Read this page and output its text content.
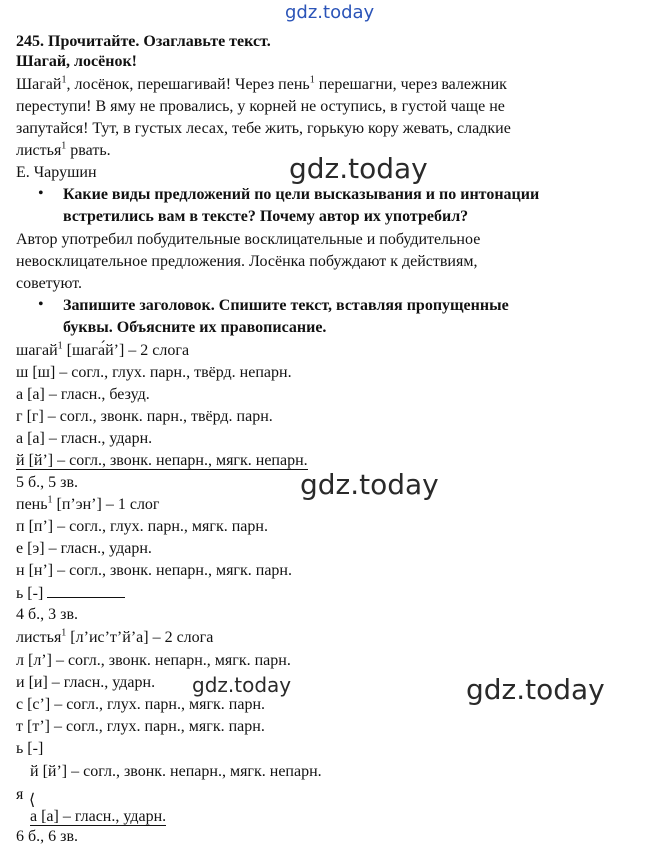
gdz.today
gdz.today
gdz.today
gdz.today	gdz.today
245. Прочитайте. Озаглавьте текст.
Шагай, лосёнок!
Шагай$^1$, лосёнок, перешагивай! Через пень$^1$ перешагни, через валежник
переступи! В яму не провались, у корней не оступись, в густой чаще не
запутайся! Тут, в густых лесах, тебе жить, горькую кору жевать, сладкие
листья$^1$ рвать.
Е. Чарушин
• Какие виды предложений по цели высказывания и по интонации
встретились вам в тексте? Почему автор их употребил?
Автор употребил побудительные восклицательные и побудительное
невосклицательное предложения. Лосёнка побуждают к действиям,
советуют.
• Запишите заголовок. Спишите текст, вставляя пропущенные
буквы. Объясните их правописание.
шагай$^1$ [шага́й’] – 2 слога
ш [ш] – согл., глух. парн., твёрд. непарн.
а [а] – гласн., безуд.
г [г] – согл., звонк. парн., твёрд. парн.
а [а] – гласн., ударн.
й [й’] – согл., звонк. непарн., мягк. непарн.
5 б., 5 зв.
пень$^1$ [п’эн’] – 1 слог
п [п’] – согл., глух. парн., мягк. парн.
е [э] – гласн., ударн.
н [н’] – согл., звонк. непарн., мягк. парн.
ь [-]
4 б., 3 зв.
листья$^1$ [л’ис’т’й’а] – 2 слога
л [л’] – согл., звонк. непарн., мягк. парн.
и [и] – гласн., ударн.
с [с’] – согл., глух. парн., мягк. парн.
т [т’] – согл., глух. парн., мягк. парн.
ь [-]
й [й’] – согл., звонк. непарн., мягк. непарн.
я ⟨
а [а] – гласн., ударн.
6 б., 6 зв.
